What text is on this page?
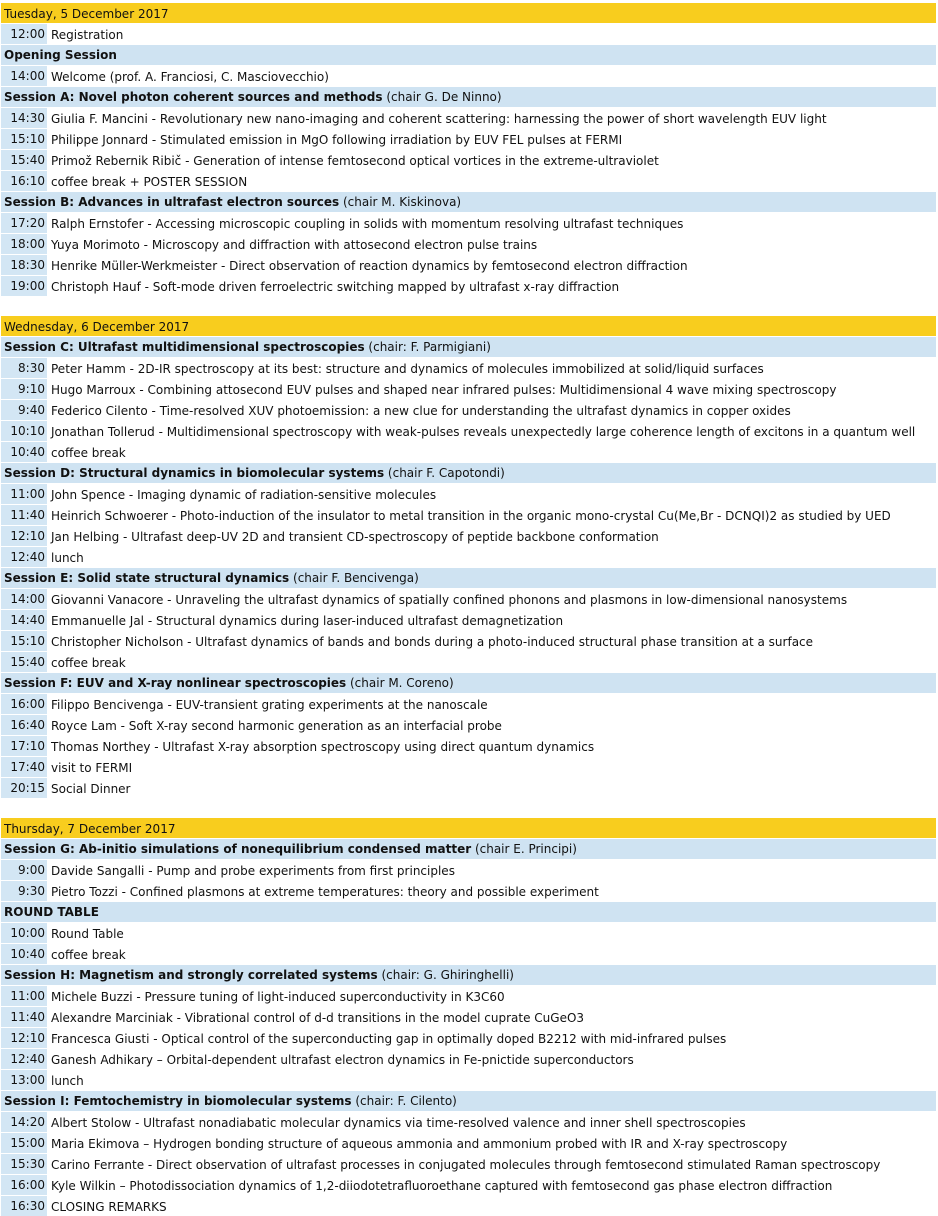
Tuesday, 5 December 2017
12:00 Registration
Opening Session
14:00 Welcome (prof. A. Franciosi, C. Masciovecchio)
Session A: Novel photon coherent sources and methods (chair G. De Ninno)
14:30 Giulia F. Mancini - Revolutionary new nano-imaging and coherent scattering: harnessing the power of short wavelength EUV light
15:10 Philippe Jonnard - Stimulated emission in MgO following irradiation by EUV FEL pulses at FERMI
15:40 Primož Rebernik Ribič - Generation of intense femtosecond optical vortices in the extreme-ultraviolet
16:10 coffee break + POSTER SESSION
Session B: Advances in ultrafast electron sources (chair M. Kiskinova)
17:20 Ralph Ernstofer - Accessing microscopic coupling in solids with momentum resolving ultrafast techniques
18:00 Yuya Morimoto - Microscopy and diffraction with attosecond electron pulse trains
18:30 Henrike Müller-Werkmeister - Direct observation of reaction dynamics by femtosecond electron diffraction
19:00 Christoph Hauf - Soft-mode driven ferroelectric switching mapped by ultrafast x-ray diffraction
Wednesday, 6 December 2017
Session C: Ultrafast multidimensional spectroscopies (chair: F. Parmigiani)
8:30 Peter Hamm - 2D-IR spectroscopy at its best: structure and dynamics of molecules immobilized at solid/liquid surfaces
9:10 Hugo Marroux - Combining attosecond EUV pulses and shaped near infrared pulses: Multidimensional 4 wave mixing spectroscopy
9:40 Federico Cilento - Time-resolved XUV photoemission: a new clue for understanding the ultrafast dynamics in copper oxides
10:10 Jonathan Tollerud - Multidimensional spectroscopy with weak-pulses reveals unexpectedly large coherence length of excitons in a quantum well
10:40 coffee break
Session D: Structural dynamics in biomolecular systems (chair F. Capotondi)
11:00 John Spence - Imaging dynamic of radiation-sensitive molecules
11:40 Heinrich Schwoerer - Photo-induction of the insulator to metal transition in the organic mono-crystal Cu(Me,Br - DCNQI)2 as studied by UED
12:10 Jan Helbing - Ultrafast deep-UV 2D and transient CD-spectroscopy of peptide backbone conformation
12:40 lunch
Session E: Solid state structural dynamics (chair F. Bencivenga)
14:00 Giovanni Vanacore - Unraveling the ultrafast dynamics of spatially confined phonons and plasmons in low-dimensional nanosystems
14:40 Emmanuelle Jal - Structural dynamics during laser-induced ultrafast demagnetization
15:10 Christopher Nicholson - Ultrafast dynamics of bands and bonds during a photo-induced structural phase transition at a surface
15:40 coffee break
Session F: EUV and X-ray nonlinear spectroscopies (chair M. Coreno)
16:00 Filippo Bencivenga - EUV-transient grating experiments at the nanoscale
16:40 Royce Lam - Soft X-ray second harmonic generation as an interfacial probe
17:10 Thomas Northey - Ultrafast X-ray absorption spectroscopy using direct quantum dynamics
17:40 visit to FERMI
20:15 Social Dinner
Thursday, 7 December 2017
Session G: Ab-initio simulations of nonequilibrium condensed matter (chair E. Principi)
9:00 Davide Sangalli - Pump and probe experiments from first principles
9:30 Pietro Tozzi - Confined plasmons at extreme temperatures: theory and possible experiment
ROUND TABLE
10:00 Round Table
10:40 coffee break
Session H: Magnetism and strongly correlated systems (chair: G. Ghiringhelli)
11:00 Michele Buzzi - Pressure tuning of light-induced superconductivity in K3C60
11:40 Alexandre Marciniak - Vibrational control of d-d transitions in the model cuprate CuGeO3
12:10 Francesca Giusti - Optical control of the superconducting gap in optimally doped B2212 with mid-infrared pulses
12:40 Ganesh Adhikary – Orbital-dependent ultrafast electron dynamics in Fe-pnictide superconductors
13:00 lunch
Session I: Femtochemistry in biomolecular systems (chair: F. Cilento)
14:20 Albert Stolow - Ultrafast nonadiabatic molecular dynamics via time-resolved valence and inner shell spectroscopies
15:00 Maria Ekimova – Hydrogen bonding structure of aqueous ammonia and ammonium probed with IR and X-ray spectroscopy
15:30 Carino Ferrante - Direct observation of ultrafast processes in conjugated molecules through femtosecond stimulated Raman spectroscopy
16:00 Kyle Wilkin – Photodissociation dynamics of 1,2-diiodotetrafluoroethane captured with femtosecond gas phase electron diffraction
16:30 CLOSING REMARKS
